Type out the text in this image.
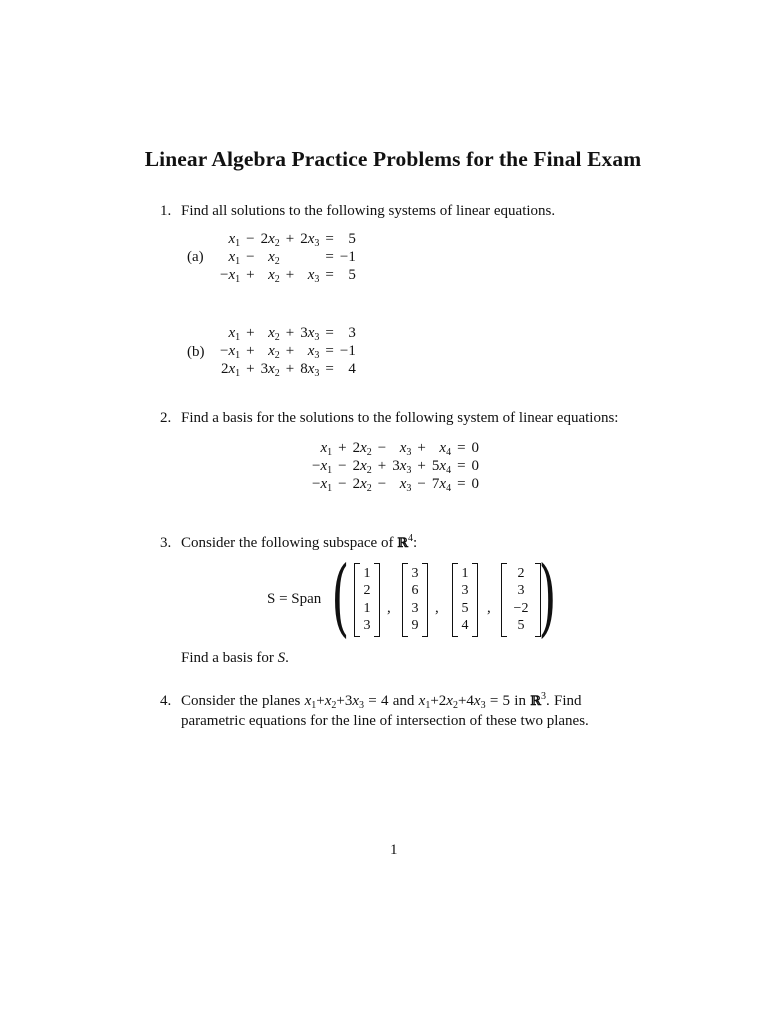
Linear Algebra Practice Problems for the Final Exam
1. Find all solutions to the following systems of linear equations.
(a)
$x_1$	−	$2x_2$	+	$2x_3$	=	5
$x_1$	−	$x_2$			=	−1
$-x_1$	+	$x_2$	+	$x_3$	=	5
(b)
$x_1$	+	$x_2$	+	$3x_3$	=	3
$-x_1$	+	$x_2$	+	$x_3$	=	−1
$2x_1$	+	$3x_2$	+	$8x_3$	=	4
2. Find a basis for the solutions to the following system of linear equations:
$x_1$	+	$2x_2$	−	$x_3$	+	$x_4$	=	0
$-x_1$	−	$2x_2$	+	$3x_3$	+	$5x_4$	=	0
$-x_1$	−	$2x_2$	−	$x_3$	−	$7x_4$	=	0
3. Consider the following subspace of ℝ$^4$:
S = Span ( )
1
2
1
3
,
3
6
3
9
,
1
3
5
4
,
2
3
−2
5
Find a basis for S.
4. Consider the planes $x_1+x_2+3x_3 = 4$ and $x_1+2x_2+4x_3 = 5$ in ℝ$^3$. Find
parametric equations for the line of intersection of these two planes.
1
